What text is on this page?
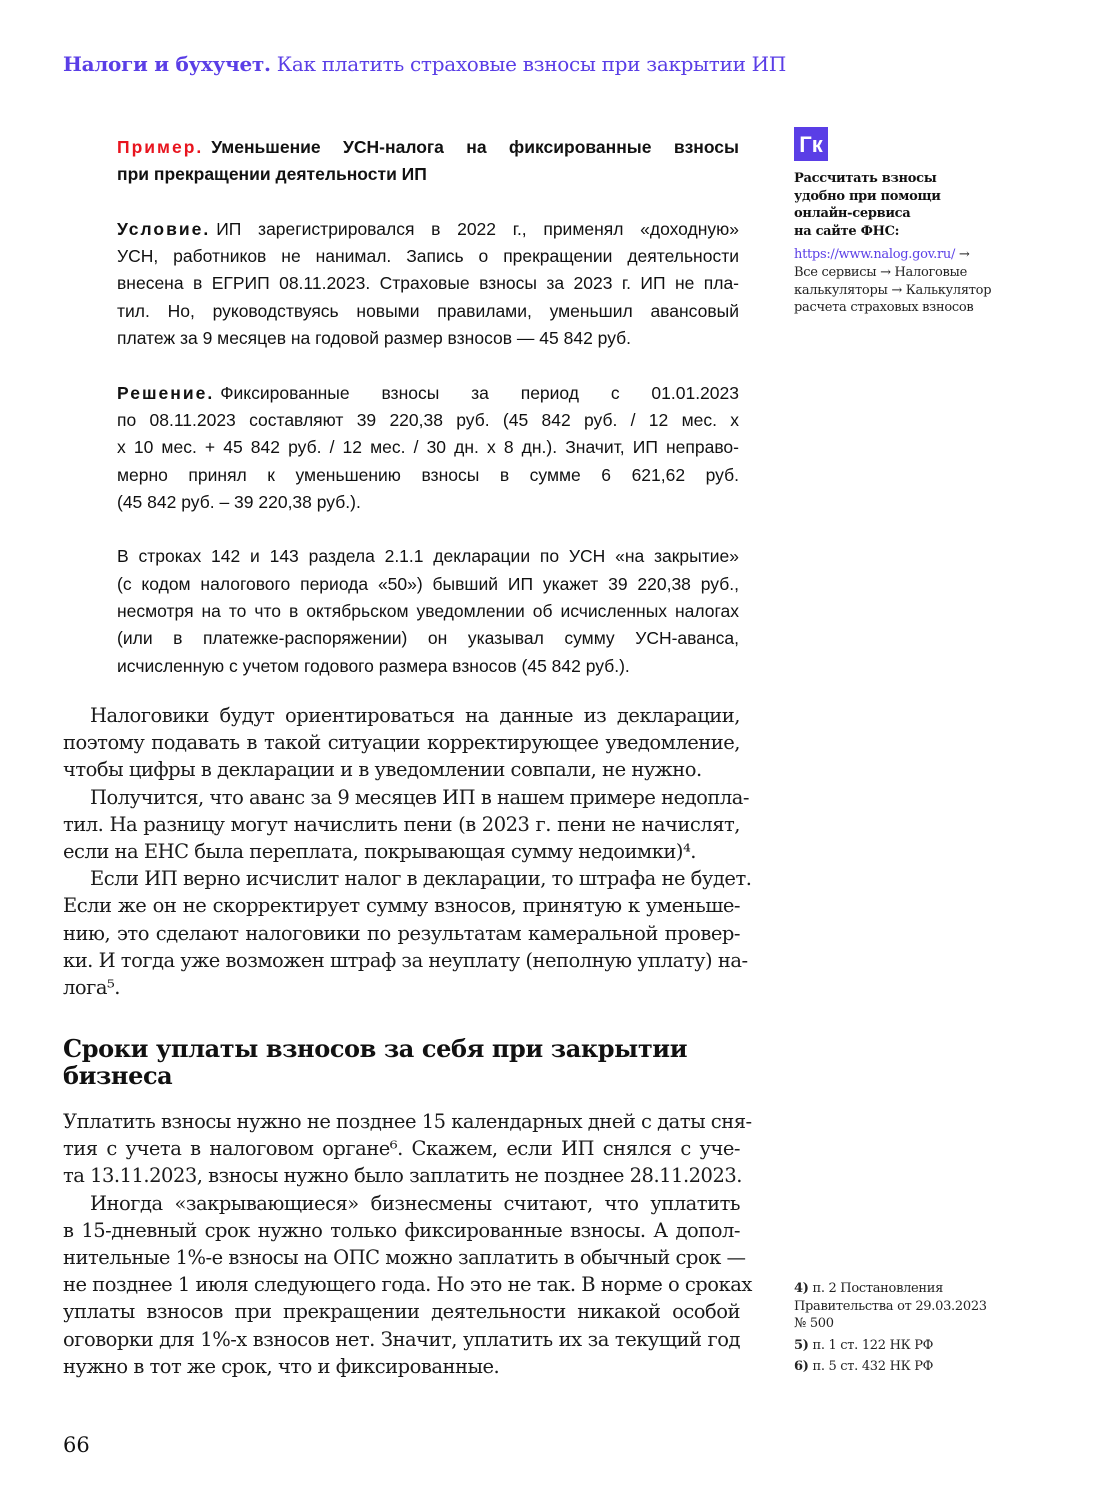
Налоги и бухучет. Как платить страховые взносы при закрытии ИП
Пример. Уменьшение УСН-налога на фиксированные взносы
при прекращении деятельности ИП
Условие. ИП зарегистрировался в 2022 г., применял «доходную»
УСН, работников не нанимал. Запись о прекращении деятельности
внесена в ЕГРИП 08.11.2023. Страховые взносы за 2023 г. ИП не пла-
тил. Но, руководствуясь новыми правилами, уменьшил авансовый
платеж за 9 месяцев на годовой размер взносов — 45 842 руб.
Решение. Фиксированные взносы за период с 01.01.2023
по 08.11.2023 составляют 39 220,38 руб. (45 842 руб. / 12 мес. х
х 10 мес. + 45 842 руб. / 12 мес. / 30 дн. х 8 дн.). Значит, ИП неправо-
мерно принял к уменьшению взносы в сумме 6 621,62 руб.
(45 842 руб. – 39 220,38 руб.).
В строках 142 и 143 раздела 2.1.1 декларации по УСН «на закрытие»
(с кодом налогового периода «50») бывший ИП укажет 39 220,38 руб.,
несмотря на то что в октябрьском уведомлении об исчисленных налогах
(или в платежке-распоряжении) он указывал сумму УСН-аванса,
исчисленную с учетом годового размера взносов (45 842 руб.).
Налоговики будут ориентироваться на данные из декларации,
поэтому подавать в такой ситуации корректирующее уведомление,
чтобы цифры в декларации и в уведомлении совпали, не нужно.
Получится, что аванс за 9 месяцев ИП в нашем примере недопла-
тил. На разницу могут начислить пени (в 2023 г. пени не начислят,
если на ЕНС была переплата, покрывающая сумму недоимки)⁴.
Если ИП верно исчислит налог в декларации, то штрафа не будет.
Если же он не скорректирует сумму взносов, принятую к уменьше-
нию, это сделают налоговики по результатам камеральной провер-
ки. И тогда уже возможен штраф за неуплату (неполную уплату) на-
лога⁵.
Сроки уплаты взносов за себя при закрытии
бизнеса
Уплатить взносы нужно не позднее 15 календарных дней с даты сня-
тия с учета в налоговом органе⁶. Скажем, если ИП снялся с уче-
та 13.11.2023, взносы нужно было заплатить не позднее 28.11.2023.
Иногда «закрывающиеся» бизнесмены считают, что уплатить
в 15-дневный срок нужно только фиксированные взносы. А допол-
нительные 1%-е взносы на ОПС можно заплатить в обычный срок —
не позднее 1 июля следующего года. Но это не так. В норме о сроках
уплаты взносов при прекращении деятельности никакой особой
оговорки для 1%-х взносов нет. Значит, уплатить их за текущий год
нужно в тот же срок, что и фиксированные.
Гк
Рассчитать взносы
удобно при помощи
онлайн-сервиса
на сайте ФНС:
https://www.nalog.gov.ru/ →
Все сервисы → Налоговые
калькуляторы → Калькулятор
расчета страховых взносов
4) п. 2 Постановления
Правительства от 29.03.2023
№ 500
5) п. 1 ст. 122 НК РФ
6) п. 5 ст. 432 НК РФ
66
